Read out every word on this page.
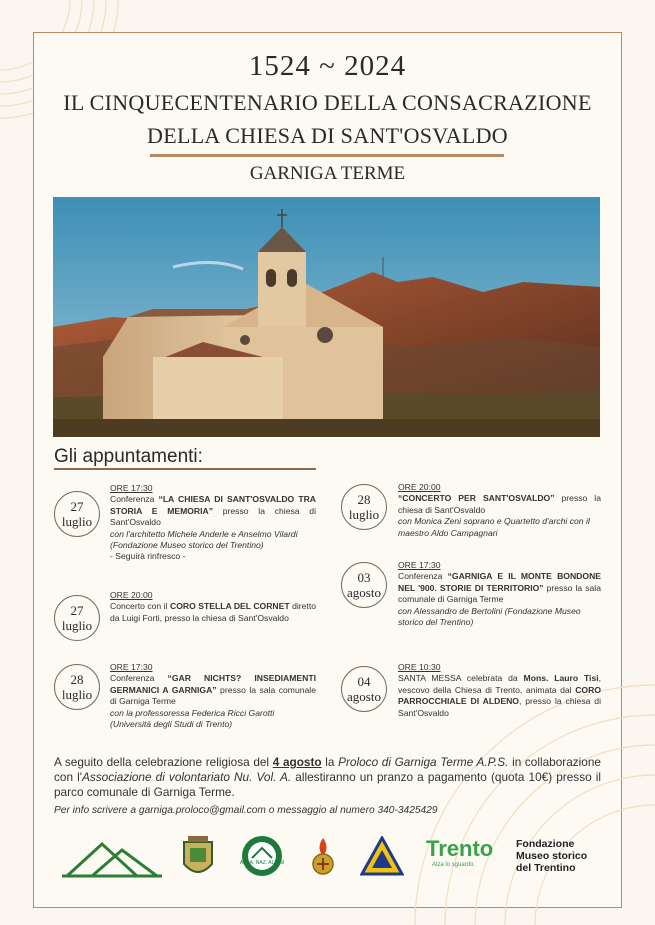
1524 ~ 2024
IL CINQUECENTENARIO DELLA CONSACRAZIONE
DELLA CHIESA DI SANT'OSVALDO
GARNIGA TERME
Gli appuntamenti:
27
luglio
ORE 17:30
Conferenza “LA CHIESA DI SANT'OSVALDO TRA STORIA E MEMORIA” presso la chiesa di Sant'Osvaldo
con l'architetto Michele Anderle e Anselmo Vilardi (Fondazione Museo storico del Trentino)
- Seguirà rinfresco -
27
luglio
ORE 20:00
Concerto con il CORO STELLA DEL CORNET diretto da Luigi Forti, presso la chiesa di Sant'Osvaldo
28
luglio
ORE 17:30
Conferenza “GAR NICHTS? INSEDIAMENTI GERMANICI A GARNIGA” presso la sala comunale di Garniga Terme
con la professoressa Federica Ricci Garotti (Università degli Studi di Trento)
28
luglio
ORE 20:00
“CONCERTO PER SANT'OSVALDO” presso la chiesa di Sant'Osvaldo
con Monica Zeni soprano e Quartetto d'archi con il maestro Aldo Campagnari
03
agosto
ORE 17:30
Conferenza “GARNIGA E IL MONTE BONDONE NEL '900. STORIE DI TERRITORIO” presso la sala comunale di Garniga Terme
con Alessandro de Bertolini (Fondazione Museo storico del Trentino)
04
agosto
ORE 10:30
SANTA MESSA celebrata da Mons. Lauro Tisi, vescovo della Chiesa di Trento, animata dal CORO PARROCCHIALE DI ALDENO, presso la chiesa di Sant'Osvaldo
A seguito della celebrazione religiosa del 4 agosto la Proloco di Garniga Terme A.P.S. in collaborazione con l'Associazione di volontariato Nu. Vol. A. allestiranno un pranzo a pagamento (quota 10€) presso il parco comunale di Garniga Terme.
Per info scrivere a garniga.proloco@gmail.com o messaggio al numero 340-3425429
A.N.A. NAZ. ALPINI
Trento
Alza lo sguardo.
Fondazione
Museo storico
del Trentino
